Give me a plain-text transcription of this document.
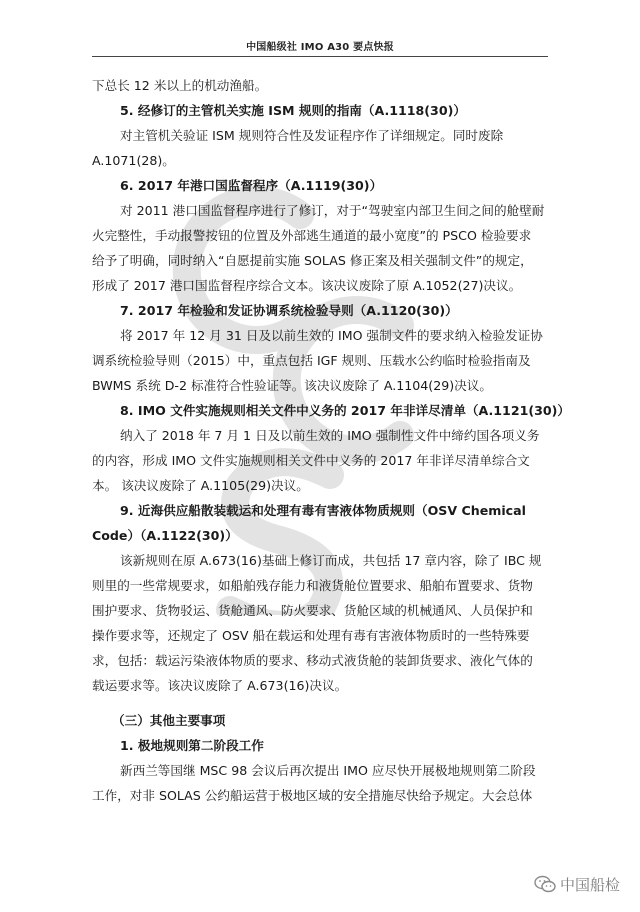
中国船级社 IMO A30 要点快报
下总长 12 米以上的机动渔船。
5. 经修订的主管机关实施 ISM 规则的指南（A.1118(30)）
对主管机关验证 ISM 规则符合性及发证程序作了详细规定。同时废除
A.1071(28)。
6. 2017 年港口国监督程序（A.1119(30)）
对 2011 港口国监督程序进行了修订，对于“驾驶室内部卫生间之间的舱壁耐
火完整性，手动报警按钮的位置及外部逃生通道的最小宽度”的 PSCO 检验要求
给予了明确，同时纳入“自愿提前实施 SOLAS 修正案及相关强制文件”的规定，
形成了 2017 港口国监督程序综合文本。该决议废除了原 A.1052(27)决议。
7. 2017 年检验和发证协调系统检验导则（A.1120(30)）
将 2017 年 12 月 31 日及以前生效的 IMO 强制文件的要求纳入检验发证协
调系统检验导则（2015）中，重点包括 IGF 规则、压载水公约临时检验指南及
BWMS 系统 D-2 标准符合性验证等。该决议废除了 A.1104(29)决议。
8. IMO 文件实施规则相关文件中义务的 2017 年非详尽清单（A.1121(30)）
纳入了 2018 年 7 月 1 日及以前生效的 IMO 强制性文件中缔约国各项义务
的内容，形成 IMO 文件实施规则相关文件中义务的 2017 年非详尽清单综合文
本。 该决议废除了 A.1105(29)决议。
9. 近海供应船散装载运和处理有毒有害液体物质规则（OSV Chemical
Code）（A.1122(30)）
该新规则在原 A.673(16)基础上修订而成，共包括 17 章内容，除了 IBC 规
则里的一些常规要求，如船舶残存能力和液货舱位置要求、船舶布置要求、货物
围护要求、货物驳运、货舱通风、防火要求、货舱区域的机械通风、人员保护和
操作要求等，还规定了 OSV 船在载运和处理有毒有害液体物质时的一些特殊要
求，包括：载运污染液体物质的要求、移动式液货舱的装卸货要求、液化气体的
载运要求等。该决议废除了 A.673(16)决议。
（三）其他主要事项
1. 极地规则第二阶段工作
新西兰等国继 MSC 98 会议后再次提出 IMO 应尽快开展极地规则第二阶段
工作，对非 SOLAS 公约船运营于极地区域的安全措施尽快给予规定。大会总体
中国船检
